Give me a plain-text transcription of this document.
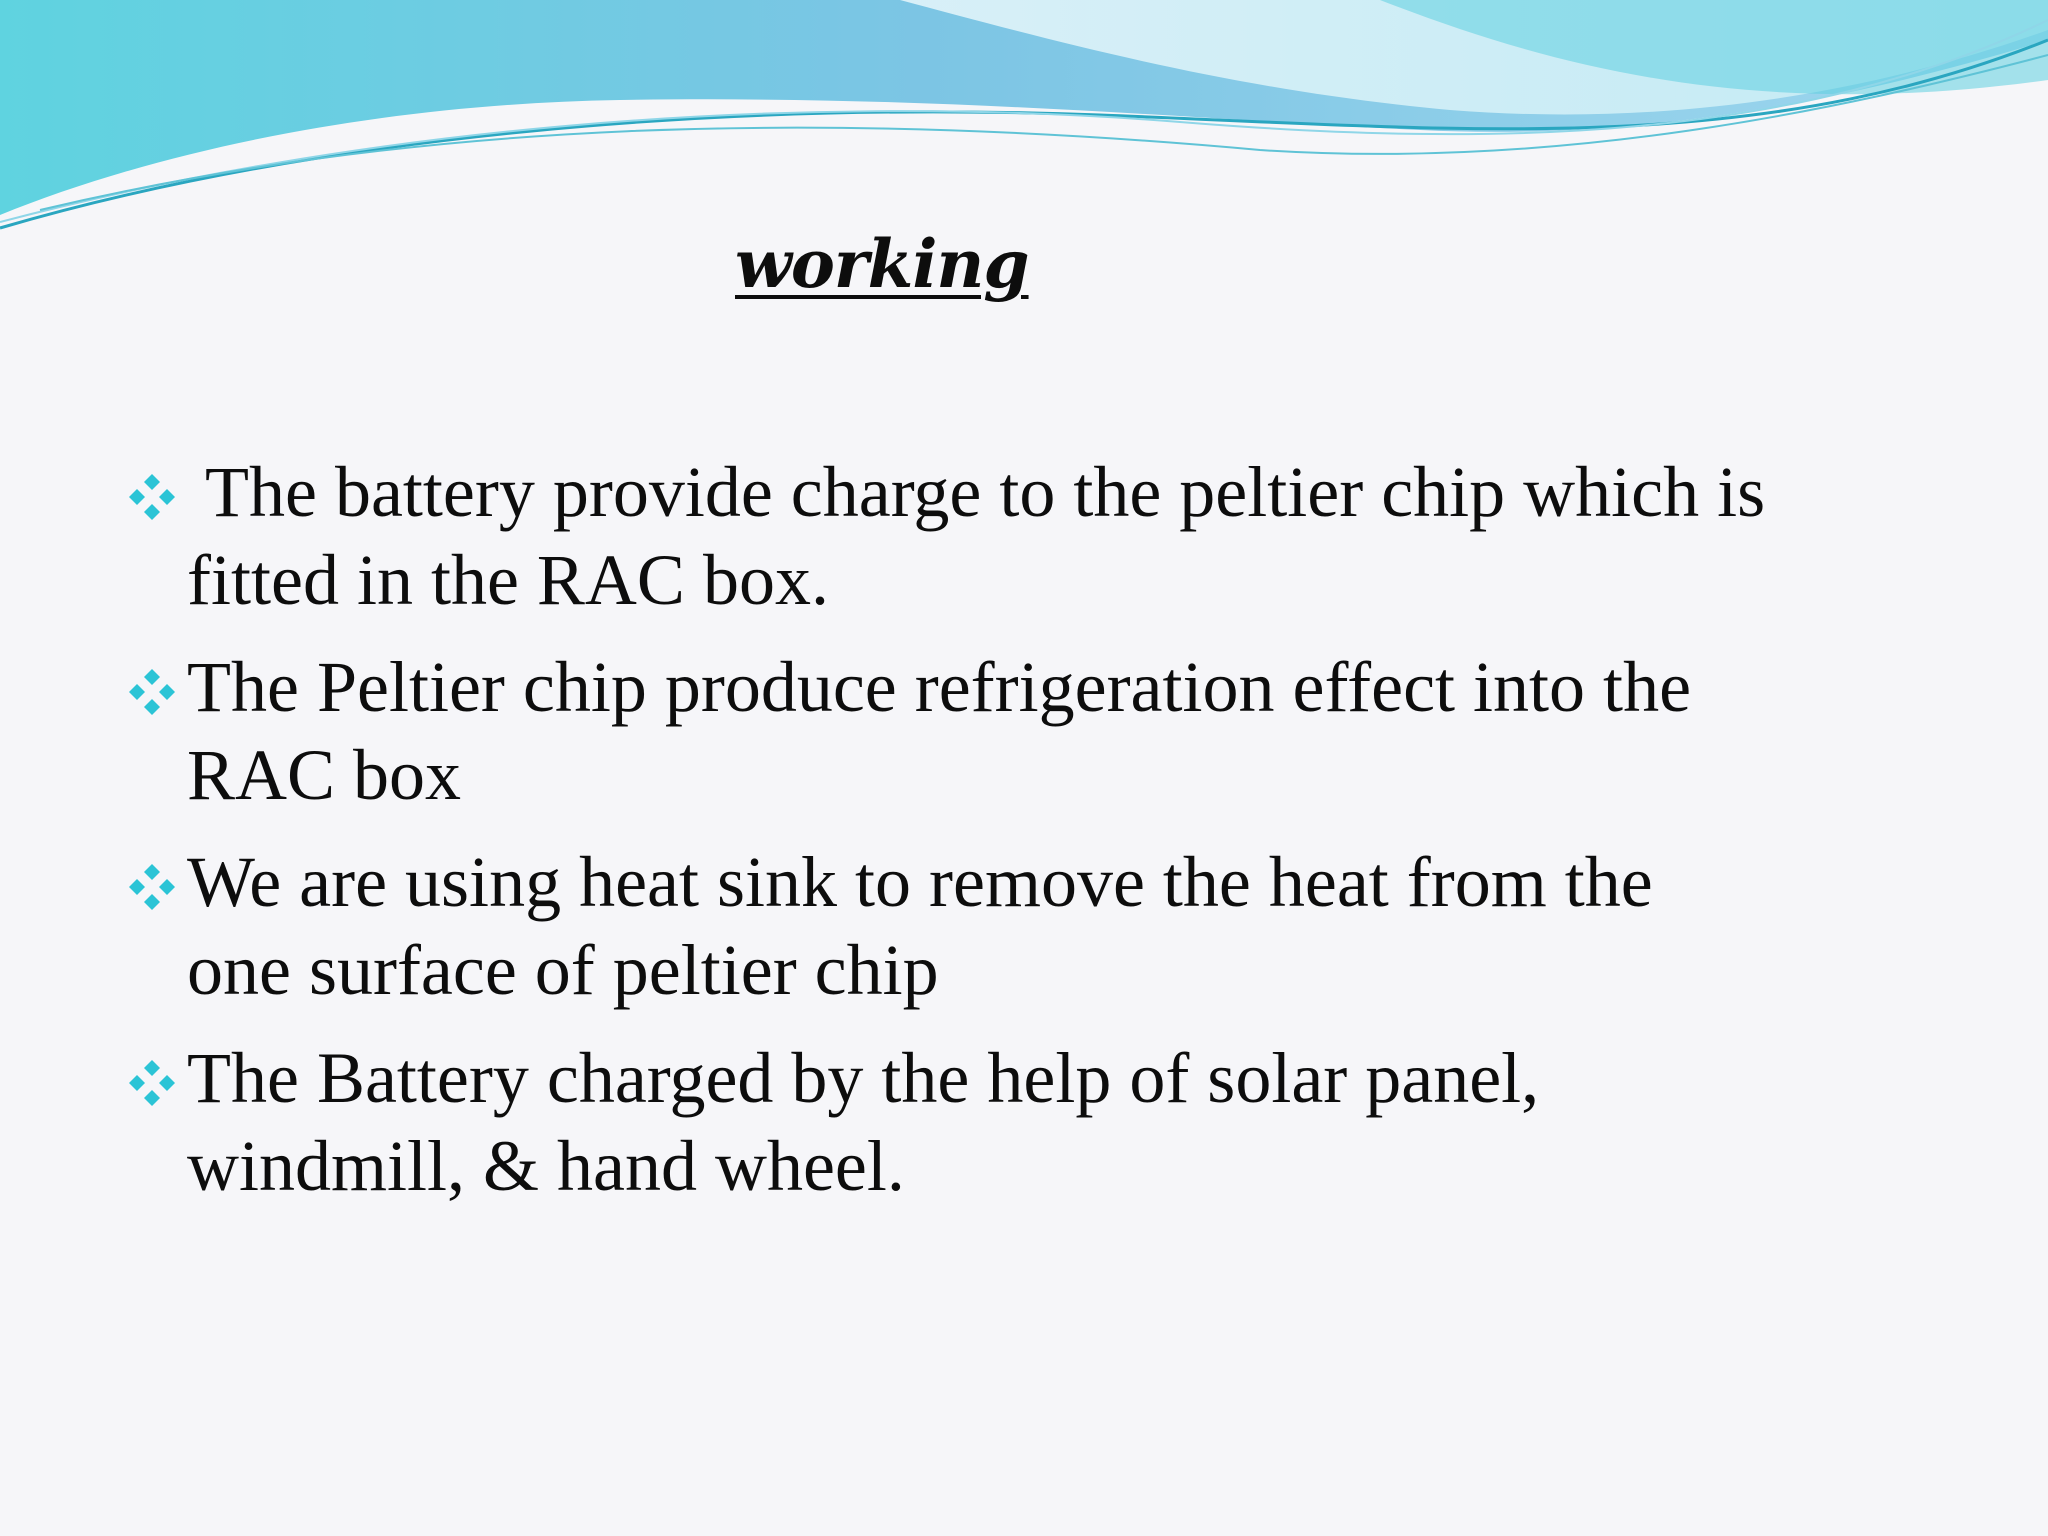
working
The battery provide charge to the peltier chip which is
fitted in the RAC box.
The Peltier chip produce refrigeration effect into the
RAC box
We are using heat sink to remove the heat from the
one surface of peltier chip
The Battery charged by the help of solar panel,
windmill, & hand wheel.
